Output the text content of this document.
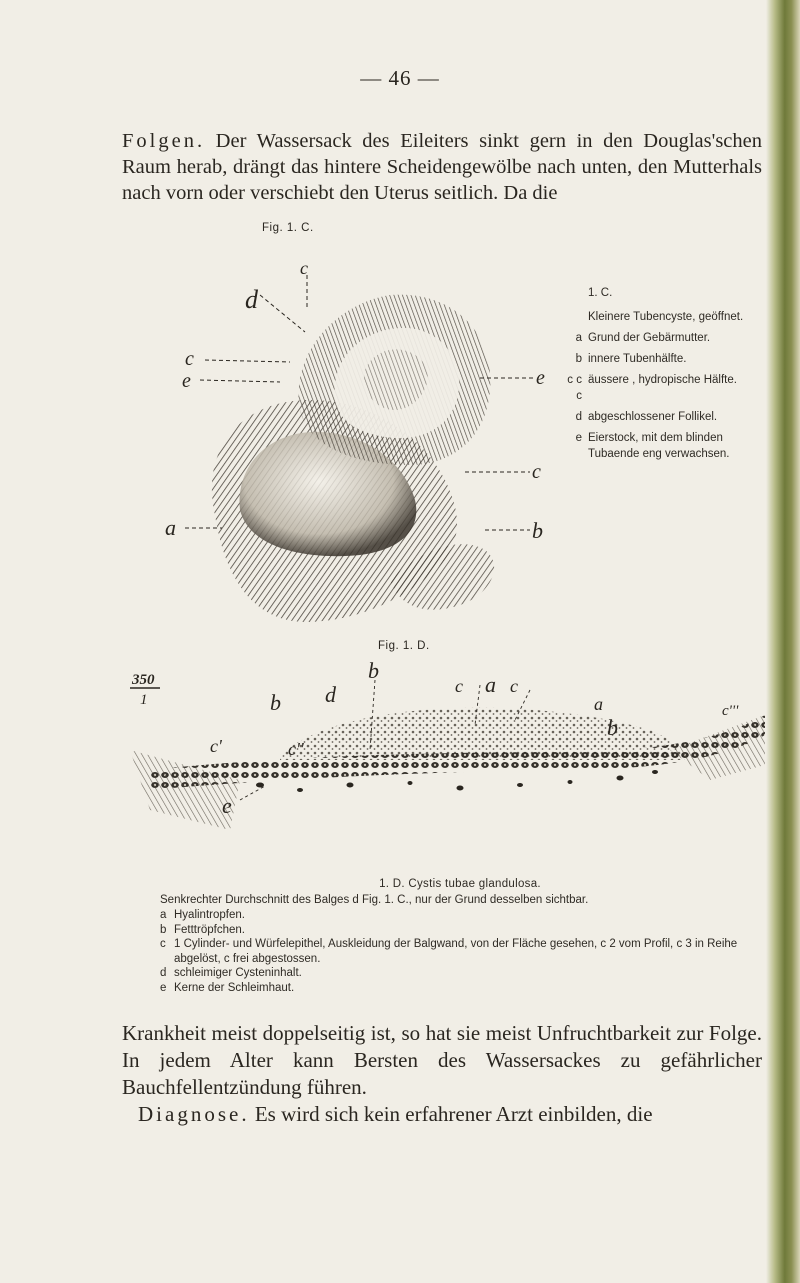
— 46 —

Folgen. Der Wassersack des Eileiters sinkt gern in den Douglas'schen Raum herab, drängt das hintere Scheidengewölbe nach unten, den Mutterhals nach vorn oder verschiebt den Uterus seitlich. Da die

Fig. 1. C.
d
c
c
e	e
c
a	b
1. C.
Kleinere Tubencyste, geöffnet.
a Grund der Gebärmutter.
b innere Tubenhälfte.
c c c
äussere , hydropische Hälfte.
d abgeschlossener Follikel.
e Eierstock, mit dem blinden Tubaende eng verwachsen.
Fig. 1. D.
350
1
b
a
b d	c	c
a
b
c'	c''
c'''
e
1. D. Cystis tubae glandulosa.
Senkrechter Durchschnitt des Balges d Fig. 1. C., nur der Grund desselben sichtbar.
a Hyalintropfen.
b Fetttröpfchen.
c 1 Cylinder- und Würfelepithel, Auskleidung der Balgwand, von der Fläche gesehen, c 2 vom Profil, c 3 in Reihe abgelöst, c frei abgestossen.
d schleimiger Cysteninhalt.
e Kerne der Schleimhaut.

Krankheit meist doppelseitig ist, so hat sie meist Unfruchtbarkeit zur Folge. In jedem Alter kann Bersten des Wassersackes zu gefährlicher Bauchfellentzündung führen.

Diagnose. Es wird sich kein erfahrener Arzt einbilden, die
